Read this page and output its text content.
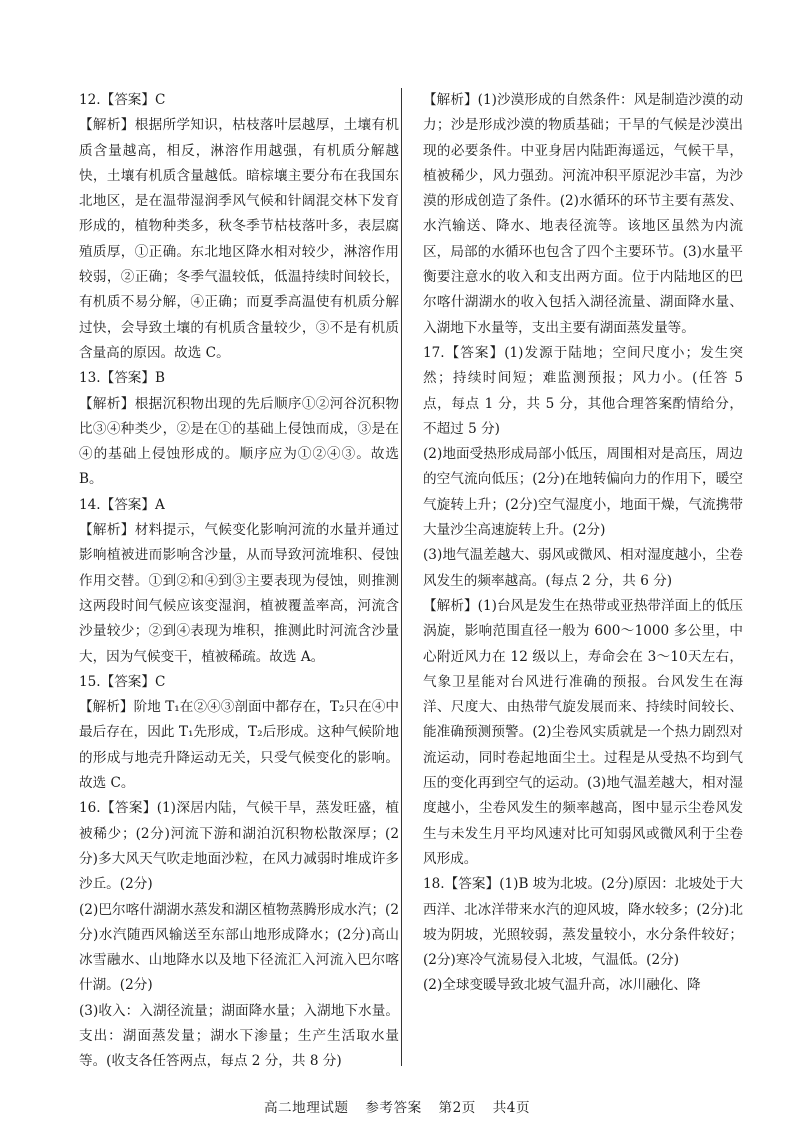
12.【答案】C

【解析】根据所学知识，枯枝落叶层越厚，土壤有机质含量越高，相反，淋溶作用越强，有机质分解越快，土壤有机质含量越低。暗棕壤主要分布在我国东北地区，是在温带湿润季风气候和针阔混交林下发育形成的，植物种类多，秋冬季节枯枝落叶多，表层腐殖质厚，①正确。东北地区降水相对较少，淋溶作用较弱，②正确；冬季气温较低，低温持续时间较长，有机质不易分解，④正确；而夏季高温使有机质分解过快，会导致土壤的有机质含量较少，③不是有机质含量高的原因。故选 C。

13.【答案】B

【解析】根据沉积物出现的先后顺序①②河谷沉积物比③④种类少，②是在①的基础上侵蚀而成，③是在④的基础上侵蚀形成的。顺序应为①②④③。故选 B。

14.【答案】A

【解析】材料提示，气候变化影响河流的水量并通过影响植被进而影响含沙量，从而导致河流堆积、侵蚀作用交替。①到②和④到③主要表现为侵蚀，则推测这两段时间气候应该变湿润，植被覆盖率高，河流含沙量较少；②到④表现为堆积，推测此时河流含沙量大，因为气候变干，植被稀疏。故选 A。

15.【答案】C

【解析】阶地 T₁在②④③剖面中都存在，T₂只在④中最后存在，因此 T₁先形成，T₂后形成。这种气候阶地的形成与地壳升降运动无关，只受气候变化的影响。故选 C。

16.【答案】(1)深居内陆，气候干旱，蒸发旺盛，植被稀少；(2分)河流下游和湖泊沉积物松散深厚；(2分)多大风天气吹走地面沙粒，在风力减弱时堆成许多沙丘。(2分)

(2)巴尔喀什湖湖水蒸发和湖区植物蒸腾形成水汽；(2分)水汽随西风输送至东部山地形成降水；(2分)高山冰雪融水、山地降水以及地下径流汇入河流入巴尔喀什湖。(2分)

(3)收入：入湖径流量；湖面降水量；入湖地下水量。支出：湖面蒸发量；湖水下渗量；生产生活取水量等。(收支各任答两点，每点 2 分，共 8 分)

【解析】(1)沙漠形成的自然条件：风是制造沙漠的动力；沙是形成沙漠的物质基础；干旱的气候是沙漠出现的必要条件。中亚身居内陆距海遥远，气候干旱，植被稀少，风力强劲。河流冲积平原泥沙丰富，为沙漠的形成创造了条件。(2)水循环的环节主要有蒸发、水汽输送、降水、地表径流等。该地区虽然为内流区，局部的水循环也包含了四个主要环节。(3)水量平衡要注意水的收入和支出两方面。位于内陆地区的巴尔喀什湖湖水的收入包括入湖径流量、湖面降水量、入湖地下水量等，支出主要有湖面蒸发量等。

17.【答案】(1)发源于陆地；空间尺度小；发生突然；持续时间短；难监测预报；风力小。(任答 5 点，每点 1 分，共 5 分，其他合理答案酌情给分，不超过 5 分)

(2)地面受热形成局部小低压，周围相对是高压，周边的空气流向低压；(2分)在地转偏向力的作用下，暖空气旋转上升；(2分)空气湿度小，地面干燥，气流携带大量沙尘高速旋转上升。(2分)

(3)地气温差越大、弱风或微风、相对湿度越小，尘卷风发生的频率越高。(每点 2 分，共 6 分)

【解析】(1)台风是发生在热带或亚热带洋面上的低压涡旋，影响范围直径一般为 600～1000 多公里，中心附近风力在 12 级以上，寿命会在 3～10天左右，气象卫星能对台风进行准确的预报。台风发生在海洋、尺度大、由热带气旋发展而来、持续时间较长、能准确预测预警。(2)尘卷风实质就是一个热力剧烈对流运动，同时卷起地面尘土。过程是从受热不均到气压的变化再到空气的运动。(3)地气温差越大，相对湿度越小，尘卷风发生的频率越高，图中显示尘卷风发生与未发生月平均风速对比可知弱风或微风利于尘卷风形成。

18.【答案】(1)B 坡为北坡。(2分)原因：北坡处于大西洋、北冰洋带来水汽的迎风坡，降水较多；(2分)北坡为阴坡，光照较弱，蒸发量较小，水分条件较好；(2分)寒冷气流易侵入北坡，气温低。(2分)

(2)全球变暖导致北坡气温升高，冰川融化、降

高二地理试题 参考答案 第2页 共4页
